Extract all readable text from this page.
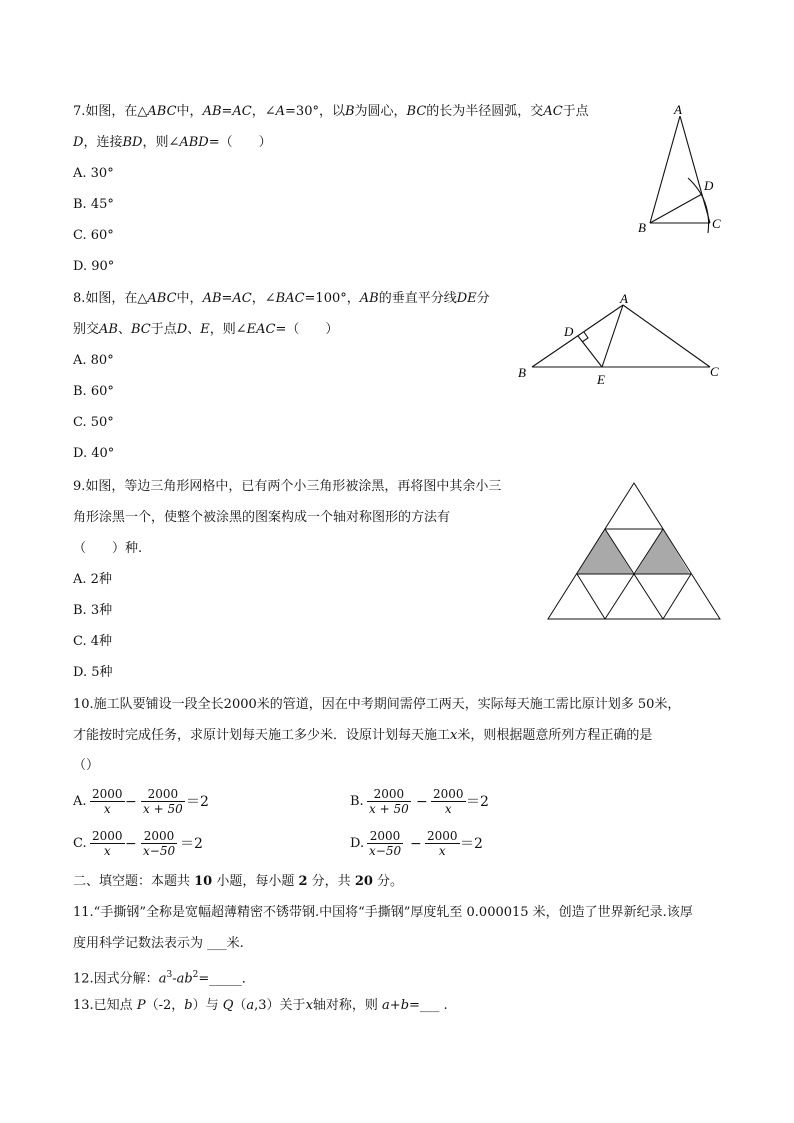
7.如图，在△ABC中，AB=AC，∠A=30°，以B为圆心，BC的长为半径圆弧，交AC于点
D，连接BD，则∠ABD=（　　）
A. 30°
B. 45°
C. 60°
D. 90°
A
B	C
D
8.如图，在△ABC中，AB=AC，∠BAC=100°，AB的垂直平分线DE分
别交AB、BC于点D、E，则∠EAC=（　　）
A. 80°
B. 60°
C. 50°
D. 40°
A
B	C
D
E
9.如图，等边三角形网格中，已有两个小三角形被涂黑，再将图中其余小三
角形涂黑一个，使整个被涂黑的图案构成一个轴对称图形的方法有
（　　）种.
A. 2种
B. 3种
C. 4种
D. 5种
10.施工队要铺设一段全长2000米的管道，因在中考期间需停工两天，实际每天施工需比原计划多 50米，
才能按时完成任务，求原计划每天施工多少米．设原计划每天施工x米，则根据题意所列方程正确的是
（）
A. $\frac{2000}{x} - \frac{2000}{x + 50} =2$	B. $\frac{2000}{x + 50} - \frac{2000}{x} =2$
C. $\frac{2000}{x} - \frac{2000}{x-50} =2$	D. $\frac{2000}{x-50} - \frac{2000}{x} =2$
二、填空题：本题共 10 小题，每小题 2 分，共 20 分。
11.“手撕钢”全称是宽幅超薄精密不锈带钢.中国将“手撕钢”厚度轧至 0.000015 米，创造了世界新纪录.该厚
度用科学记数法表示为 ___米.
12.因式分解：$a^3-ab^2=\_\_\_\_\_$．
13.已知点 P（-2，b）与 Q（a,3）关于x轴对称，则 a+b=___ .
